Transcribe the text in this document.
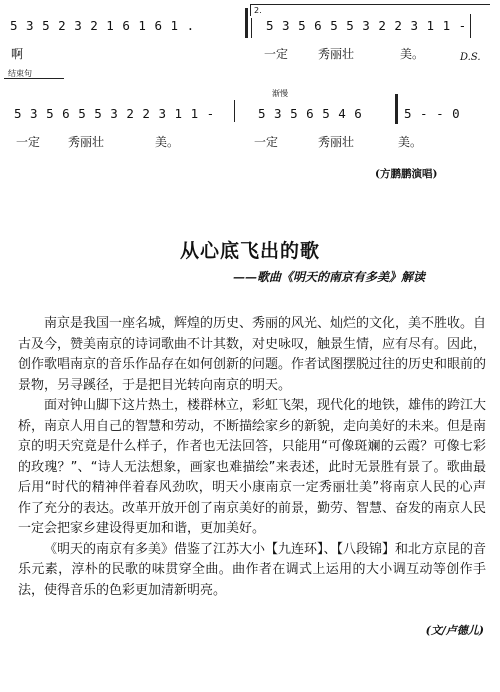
5 3 5 2 3 2 1 6 1 6 1 .
2.
5 3 5 6 5 5 3 2 2 3 1 1 -
啊	一定 秀丽壮	美。	D.S.
结束句
5 3 5 6 5 5 3 2 2 3 1 1 -
渐慢
5 3 5 6 5 4 6	5 - - 0
一定 秀丽壮	美。	一定	秀丽壮	美。
(方鹏鹏演唱)
从心底飞出的歌
——歌曲《明天的南京有多美》解读

南京是我国一座名城，辉煌的历史、秀丽的风光、灿烂的文化，美不胜收。自古及今，赞美南京的诗词歌曲不计其数，对史咏叹，触景生情，应有尽有。因此，创作歌唱南京的音乐作品存在如何创新的问题。作者试图摆脱过往的历史和眼前的景物，另寻蹊径，于是把目光转向南京的明天。

面对钟山脚下这片热土，楼群林立，彩虹飞架，现代化的地铁，雄伟的跨江大桥，南京人用自己的智慧和劳动，不断描绘家乡的新貌，走向美好的未来。但是南京的明天究竟是什么样子，作者也无法回答，只能用“可像斑斓的云霞？可像七彩的玫瑰？”、“诗人无法想象，画家也难描绘”来表述，此时无景胜有景了。歌曲最后用“时代的精神伴着春风劲吹，明天小康南京一定秀丽壮美”将南京人民的心声作了充分的表达。改革开放开创了南京美好的前景，勤劳、智慧、奋发的南京人民一定会把家乡建设得更加和谐，更加美好。

《明天的南京有多美》借鉴了江苏大小【九连环】、【八段锦】和北方京昆的音乐元素，淳朴的民歌的味贯穿全曲。曲作者在调式上运用的大小调互动等创作手法，使得音乐的色彩更加清新明亮。

(文/卢德儿)
